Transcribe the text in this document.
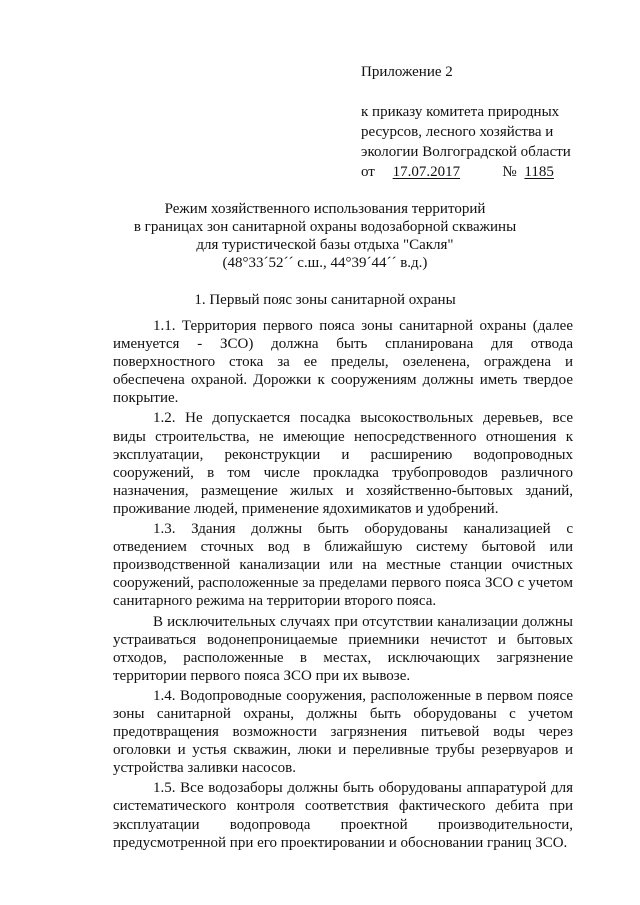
Приложение 2
к приказу комитета природных
ресурсов, лесного хозяйства и
экологии Волгоградской области
от 17.07.2017	№ 1185
Режим хозяйственного использования территорий
в границах зон санитарной охраны водозаборной скважины
для туристической базы отдыха "Сакля"
(48°33´52´´ с.ш., 44°39´44´´ в.д.)
1. Первый пояс зоны санитарной охраны

1.1. Территория первого пояса зоны санитарной охраны (далее именуется - ЗСО) должна быть спланирована для отвода поверхностного стока за ее пределы, озеленена, ограждена и обеспечена охраной. Дорожки к сооружениям должны иметь твердое покрытие.

1.2. Не допускается посадка высокоствольных деревьев, все виды строительства, не имеющие непосредственного отношения к эксплуатации, реконструкции и расширению водопроводных сооружений, в том числе прокладка трубопроводов различного назначения, размещение жилых и хозяйственно-бытовых зданий, проживание людей, применение ядохимикатов и удобрений.

1.3. Здания должны быть оборудованы канализацией с отведением сточных вод в ближайшую систему бытовой или производственной канализации или на местные станции очистных сооружений, расположенные за пределами первого пояса ЗСО с учетом санитарного режима на территории второго пояса.

В исключительных случаях при отсутствии канализации должны устраиваться водонепроницаемые приемники нечистот и бытовых отходов, расположенные в местах, исключающих загрязнение территории первого пояса ЗСО при их вывозе.

1.4. Водопроводные сооружения, расположенные в первом поясе зоны санитарной охраны, должны быть оборудованы с учетом предотвращения возможности загрязнения питьевой воды через оголовки и устья скважин, люки и переливные трубы резервуаров и устройства заливки насосов.

1.5. Все водозаборы должны быть оборудованы аппаратурой для систематического контроля соответствия фактического дебита при эксплуатации водопровода проектной производительности, предусмотренной при его проектировании и обосновании границ ЗСО.
